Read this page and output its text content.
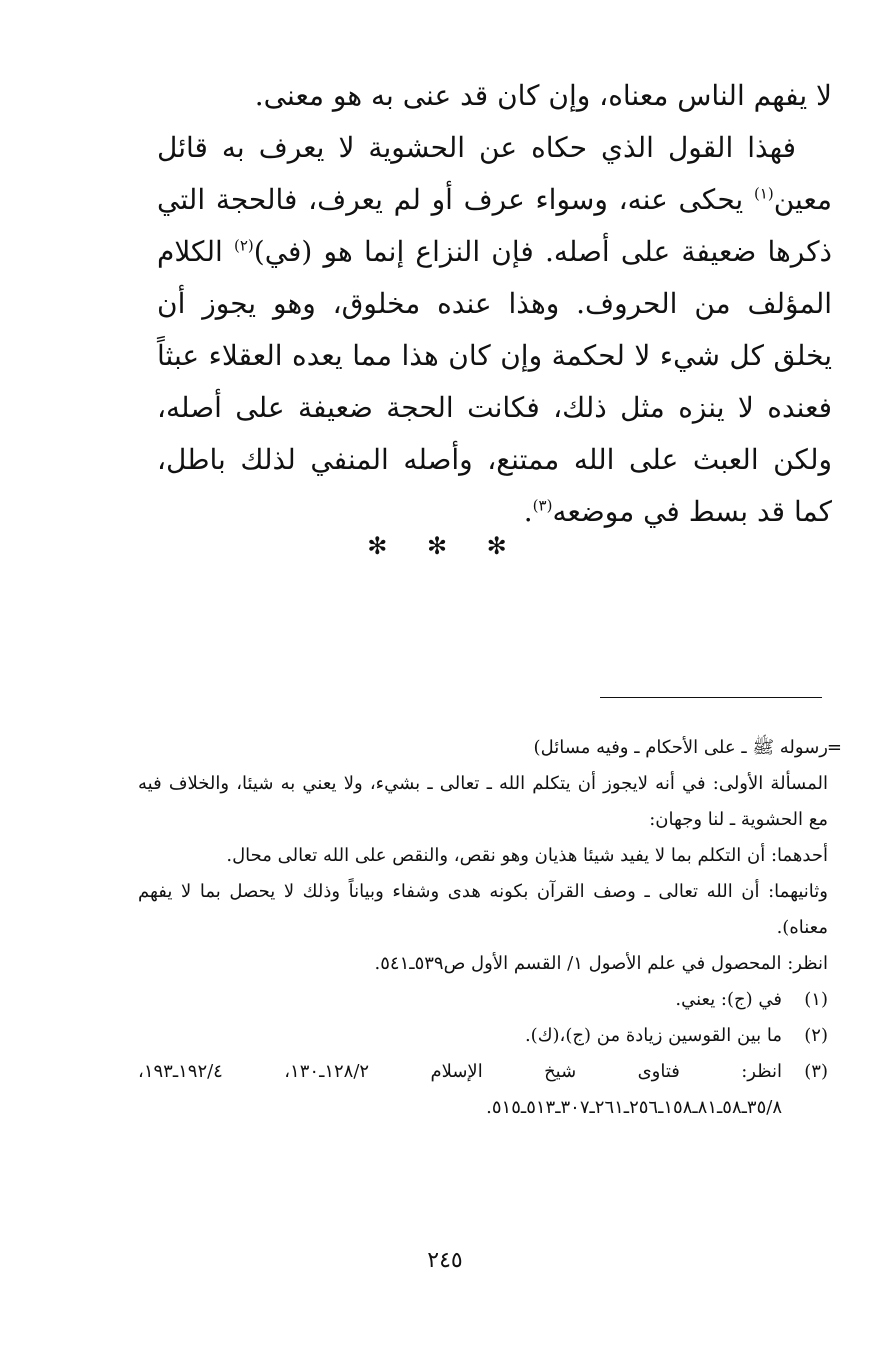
لا يفهم الناس معناه، وإن كان قد عنى به هو معنى.

فهذا القول الذي حكاه عن الحشوية لا يعرف به قائل معين$^{(١)}$ يحكى عنه، وسواء عرف أو لم يعرف، فالحجة التي ذكرها ضعيفة على أصله. فإن النزاع إنما هو (في)$^{(٢)}$ الكلام المؤلف من الحروف. وهذا عنده مخلوق، وهو يجوز أن يخلق كل شيء لا لحكمة وإن كان هذا مما يعده العقلاء عبثاً فعنده لا ينزه مثل ذلك، فكانت الحجة ضعيفة على أصله، ولكن العبث على الله ممتنع، وأصله المنفي لذلك باطل، كما قد بسط في موضعه$^{(٣)}$.

✻ ✻ ✻
=

رسوله ﷺ ـ على الأحكام ـ وفيه مسائل)

المسألة الأولى: في أنه لايجوز أن يتكلم الله ـ تعالى ـ بشيء، ولا يعني به شيئا، والخلاف فيه مع الحشوية ـ لنا وجهان:

أحدهما: أن التكلم بما لا يفيد شيئا هذيان وهو نقص، والنقص على الله تعالى محال.

وثانيهما: أن الله تعالى ـ وصف القرآن بكونه هدى وشفاء وبياناً وذلك لا يحصل بما لا يفهم معناه).

انظر: المحصول في علم الأصول ١/ القسم الأول ص٥٣٩ـ٥٤١.

(١)
في (ج): يعني.
(٢)
ما بين القوسين زيادة من (ج)،(ك).
(٣)
انظر: فتاوى شيخ الإسلام ١٢٨/٢ـ١٣٠، ١٩٢/٤ـ١٩٣، ٣٥/٨ـ٥٨ـ٨١ـ١٥٨ـ٢٥٦ـ٢٦١ـ٣٠٧ـ٥١٣ـ٥١٥.
٢٤٥
